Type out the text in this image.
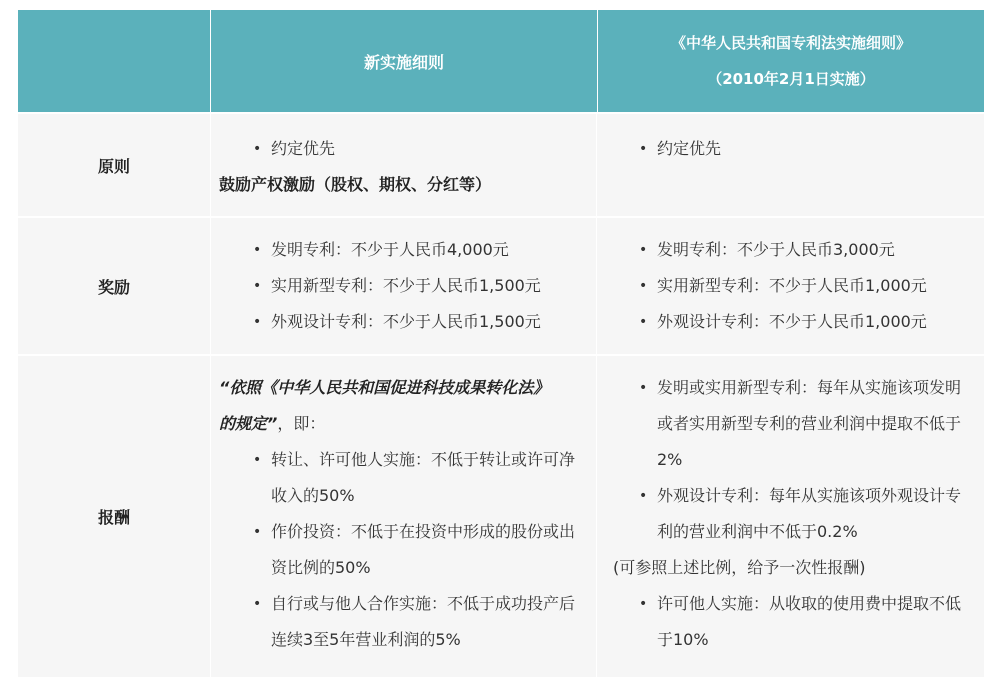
新实施细则
《中华人民共和国专利法实施细则》
（2010年2月1日实施）
原则
• 约定优先
鼓励产权激励（股权、期权、分红等）
• 约定优先
奖励
• 发明专利：不少于人民币4,000元
• 实用新型专利：不少于人民币1,500元
• 外观设计专利：不少于人民币1,500元
• 发明专利：不少于人民币3,000元
• 实用新型专利：不少于人民币1,000元
• 外观设计专利：不少于人民币1,000元
报酬
“依照《中华人民共和国促进科技成果转化法》
的规定”，即：
• 转让、许可他人实施：不低于转让或许可净收入的50%
• 作价投资：不低于在投资中形成的股份或出资比例的50%
• 自行或与他人合作实施：不低于成功投产后连续3至5年营业利润的5%
• 发明或实用新型专利：每年从实施该项发明或者实用新型专利的营业利润中提取不低于2%
• 外观设计专利：每年从实施该项外观设计专利的营业利润中不低于0.2%
(可参照上述比例，给予一次性报酬)
• 许可他人实施：从收取的使用费中提取不低于10%
